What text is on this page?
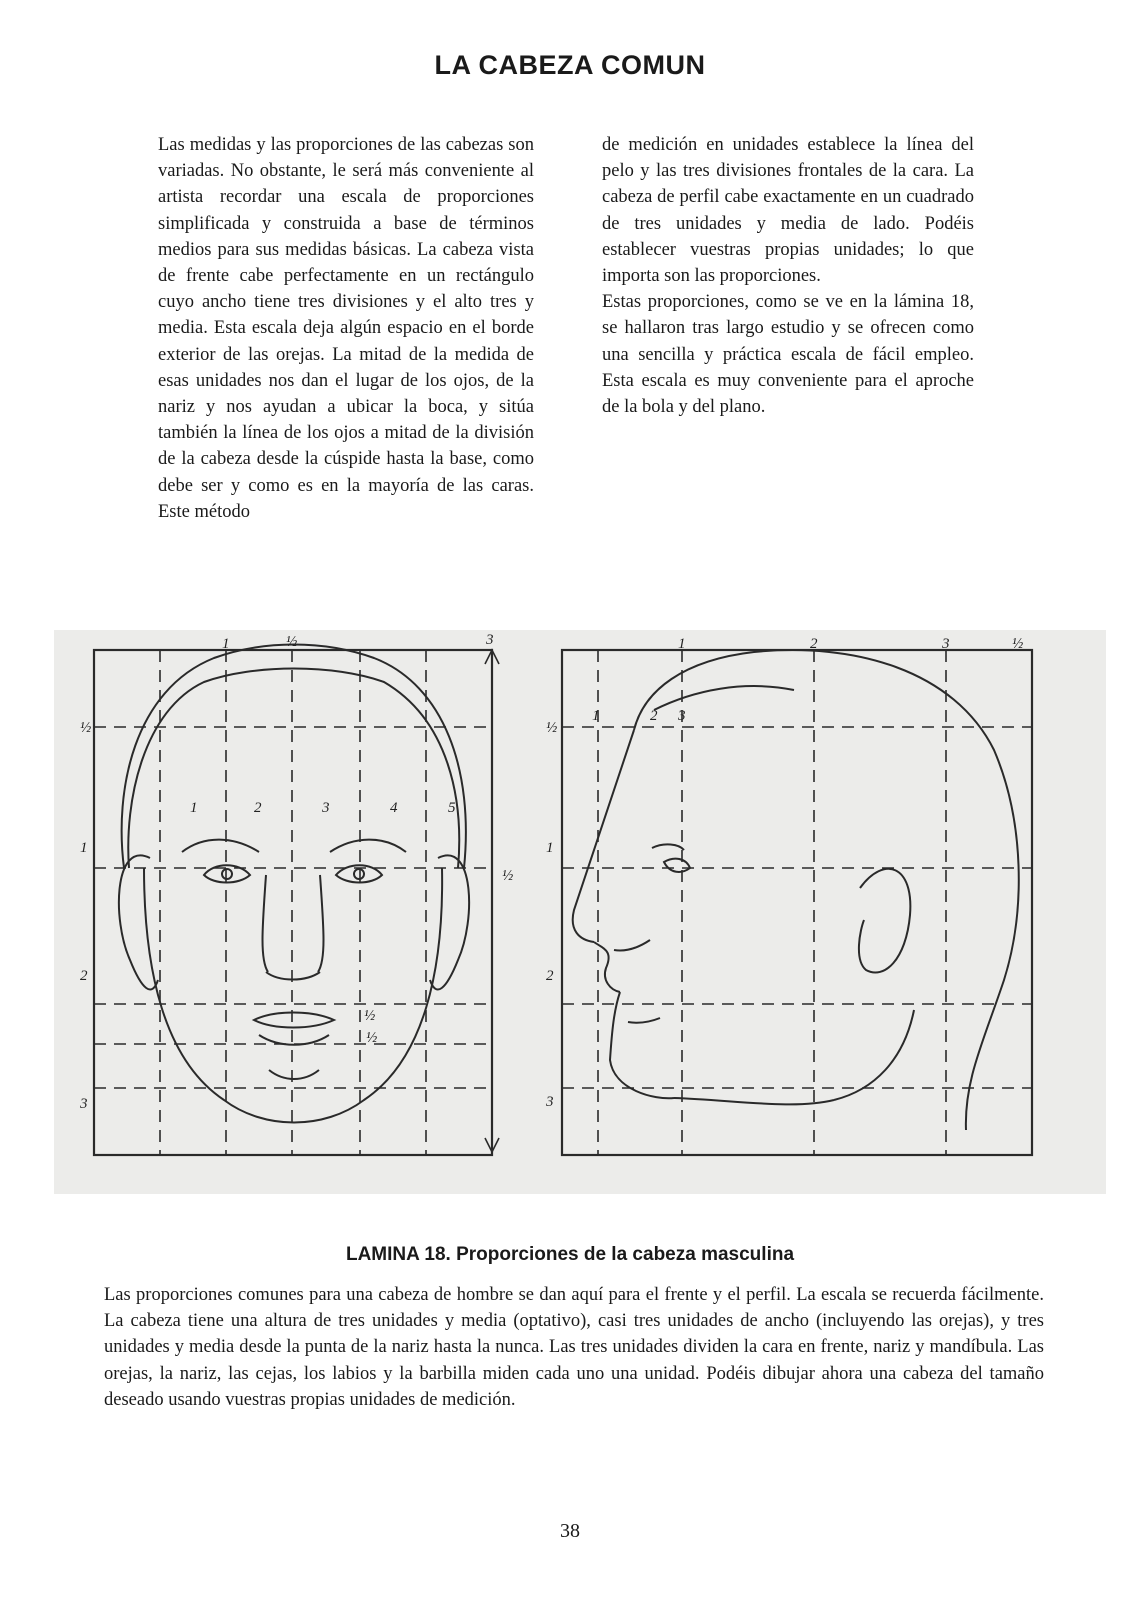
LA CABEZA COMUN

Las medidas y las proporciones de las cabezas son variadas. No obstante, le será más conveniente al artista recordar una escala de proporciones simplificada y construida a base de términos medios para sus medidas básicas. La cabeza vista de frente cabe perfectamente en un rectángulo cuyo ancho tiene tres divisiones y el alto tres y media. Esta escala deja algún espacio en el borde exterior de las orejas. La mitad de la medida de esas unidades nos dan el lugar de los ojos, de la nariz y nos ayudan a ubicar la boca, y sitúa también la línea de los ojos a mitad de la división de la cabeza desde la cúspide hasta la base, como debe ser y como es en la mayoría de las caras. Este método

de medición en unidades establece la línea del pelo y las tres divisiones frontales de la cara. La cabeza de perfil cabe exactamente en un cuadrado de tres unidades y media de lado. Podéis establecer vuestras propias unidades; lo que importa son las proporciones.

Estas proporciones, como se ve en la lámina 18, se hallaron tras largo estudio y se ofrecen como una sencilla y práctica escala de fácil empleo. Esta escala es muy conveniente para el aproche de la bola y del plano.

1	½	3
½
1
2
3
1	2	3	4	5
½
½
½
1	2	3	½
½
1
2
3
1	2 3
LAMINA 18. Proporciones de la cabeza masculina

Las proporciones comunes para una cabeza de hombre se dan aquí para el frente y el perfil. La escala se recuerda fácilmente. La cabeza tiene una altura de tres unidades y media (optativo), casi tres unidades de ancho (incluyendo las orejas), y tres unidades y media desde la punta de la nariz hasta la nunca. Las tres unidades dividen la cara en frente, nariz y mandíbula. Las orejas, la nariz, las cejas, los labios y la barbilla miden cada uno una unidad. Podéis dibujar ahora una cabeza del tamaño deseado usando vuestras propias unidades de medición.

38
